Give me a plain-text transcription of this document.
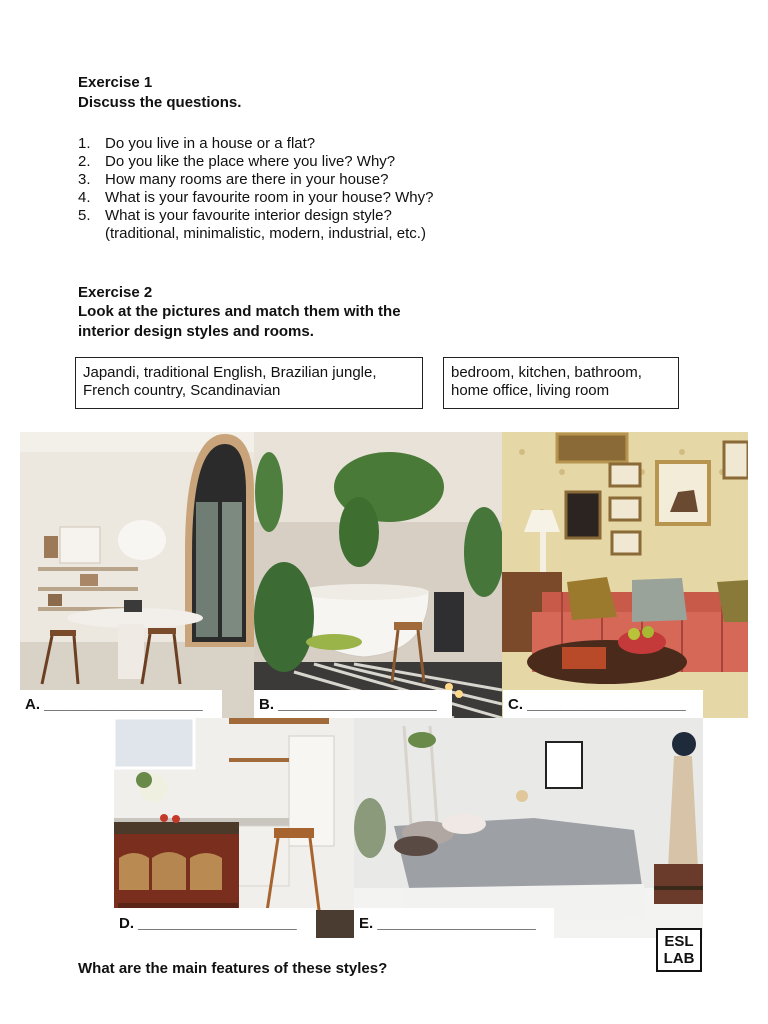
Exercise 1
Discuss the questions.
1. Do you live in a house or a flat?
2. Do you like the place where you live? Why?
3. How many rooms are there in your house?
4. What is your favourite room in your house? Why?
5. What is your favourite interior design style?
(traditional, minimalistic, modern, industrial, etc.)
Exercise 2
Look at the pictures and match them with the
interior design styles and rooms.
Japandi, traditional English, Brazilian jungle,
French country, Scandinavian
bedroom, kitchen, bathroom,
home office, living room
A. ___________________	B. ___________________	C. ___________________
D. ___________________	E. ___________________
What are the main features of these styles?
ESL
LAB
